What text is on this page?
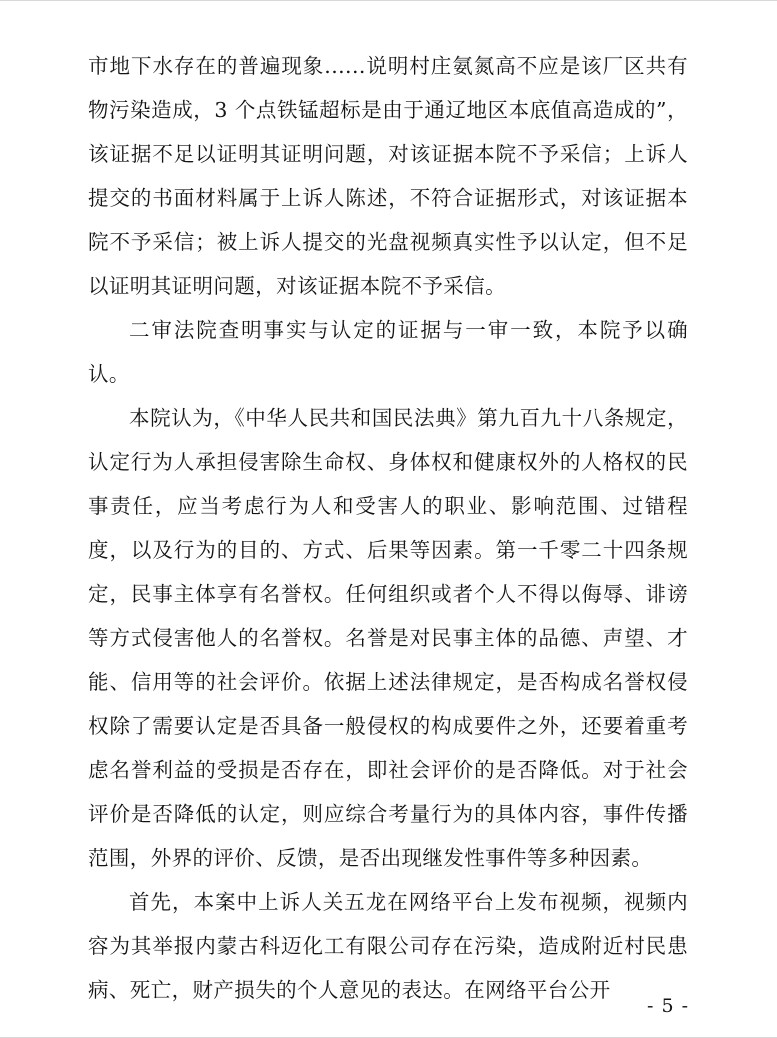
市地下水存在的普遍现象......说明村庄氨氮高不应是该厂区共有物污染造成，3 个点铁锰超标是由于通辽地区本底值高造成的”，该证据不足以证明其证明问题，对该证据本院不予采信；上诉人提交的书面材料属于上诉人陈述，不符合证据形式，对该证据本院不予采信；被上诉人提交的光盘视频真实性予以认定，但不足以证明其证明问题，对该证据本院不予采信。

二审法院查明事实与认定的证据与一审一致，本院予以确认。

本院认为，《中华人民共和国民法典》第九百九十八条规定，认定行为人承担侵害除生命权、身体权和健康权外的人格权的民事责任，应当考虑行为人和受害人的职业、影响范围、过错程度，以及行为的目的、方式、后果等因素。第一千零二十四条规定，民事主体享有名誉权。任何组织或者个人不得以侮辱、诽谤等方式侵害他人的名誉权。名誉是对民事主体的品德、声望、才能、信用等的社会评价。依据上述法律规定，是否构成名誉权侵权除了需要认定是否具备一般侵权的构成要件之外，还要着重考虑名誉利益的受损是否存在，即社会评价的是否降低。对于社会评价是否降低的认定，则应综合考量行为的具体内容，事件传播范围，外界的评价、反馈，是否出现继发性事件等多种因素。

首先，本案中上诉人关五龙在网络平台上发布视频，视频内容为其举报内蒙古科迈化工有限公司存在污染，造成附近村民患病、死亡，财产损失的个人意见的表达。在网络平台公开

- 5 -
